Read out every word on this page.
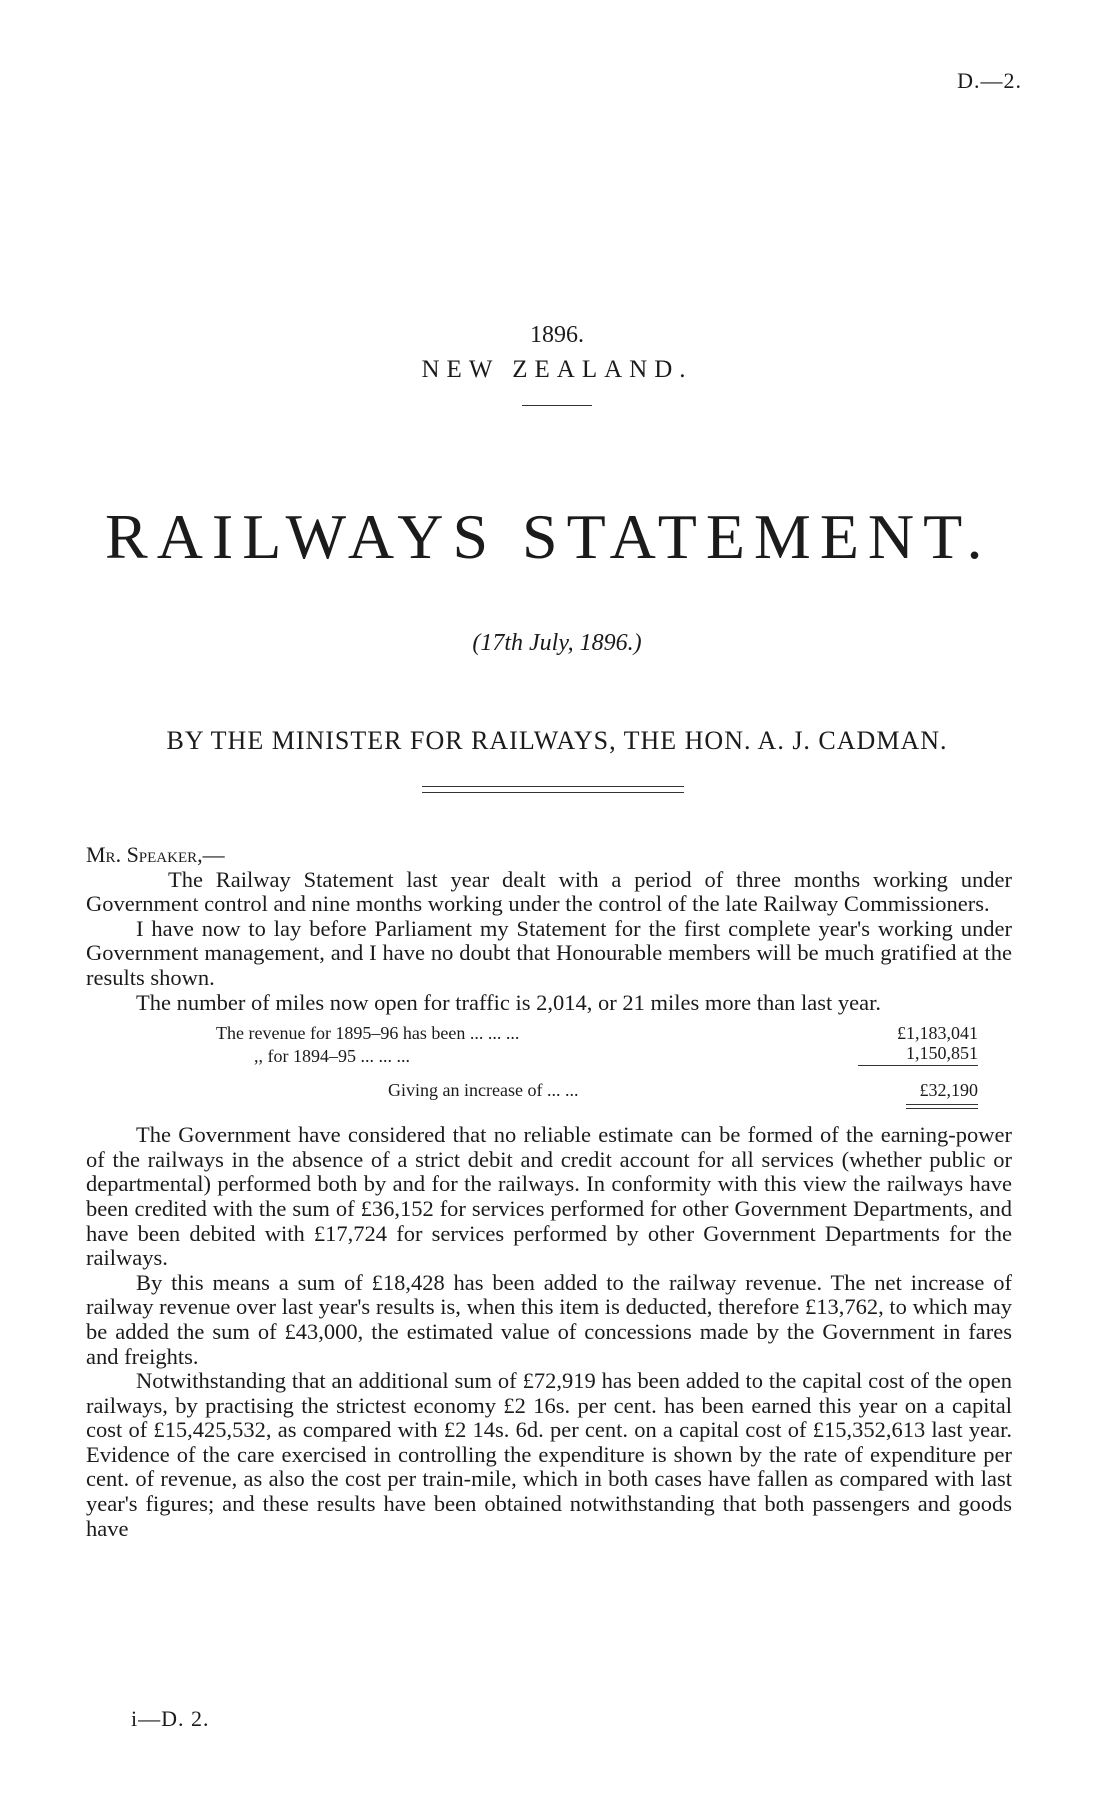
D.—2.
1896.
NEW ZEALAND.
RAILWAYS STATEMENT.
(17th July, 1896.)
BY THE MINISTER FOR RAILWAYS, THE HON. A. J. CADMAN.

Mr. Speaker,—

The Railway Statement last year dealt with a period of three months working under Government control and nine months working under the control of the late Railway Commissioners.

I have now to lay before Parliament my Statement for the first complete year's working under Government management, and I have no doubt that Honourable members will be much gratified at the results shown.

The number of miles now open for traffic is 2,014, or 21 miles more than last year.

The revenue for 1895–96 has been ... ... ...	£1,183,041
,, for 1894–95 ... ... ...	1,150,851
Giving an increase of ... ...	£32,190

The Government have considered that no reliable estimate can be formed of the earning-power of the railways in the absence of a strict debit and credit account for all services (whether public or departmental) performed both by and for the railways. In conformity with this view the railways have been credited with the sum of £36,152 for services performed for other Government Departments, and have been debited with £17,724 for services performed by other Government Departments for the railways.

By this means a sum of £18,428 has been added to the railway revenue. The net increase of railway revenue over last year's results is, when this item is deducted, therefore £13,762, to which may be added the sum of £43,000, the estimated value of concessions made by the Government in fares and freights.

Notwithstanding that an additional sum of £72,919 has been added to the capital cost of the open railways, by practising the strictest economy £2 16s. per cent. has been earned this year on a capital cost of £15,425,532, as compared with £2 14s. 6d. per cent. on a capital cost of £15,352,613 last year. Evidence of the care exercised in controlling the expenditure is shown by the rate of expenditure per cent. of revenue, as also the cost per train-mile, which in both cases have fallen as compared with last year's figures; and these results have been obtained notwithstanding that both passengers and goods have

i—D. 2.
